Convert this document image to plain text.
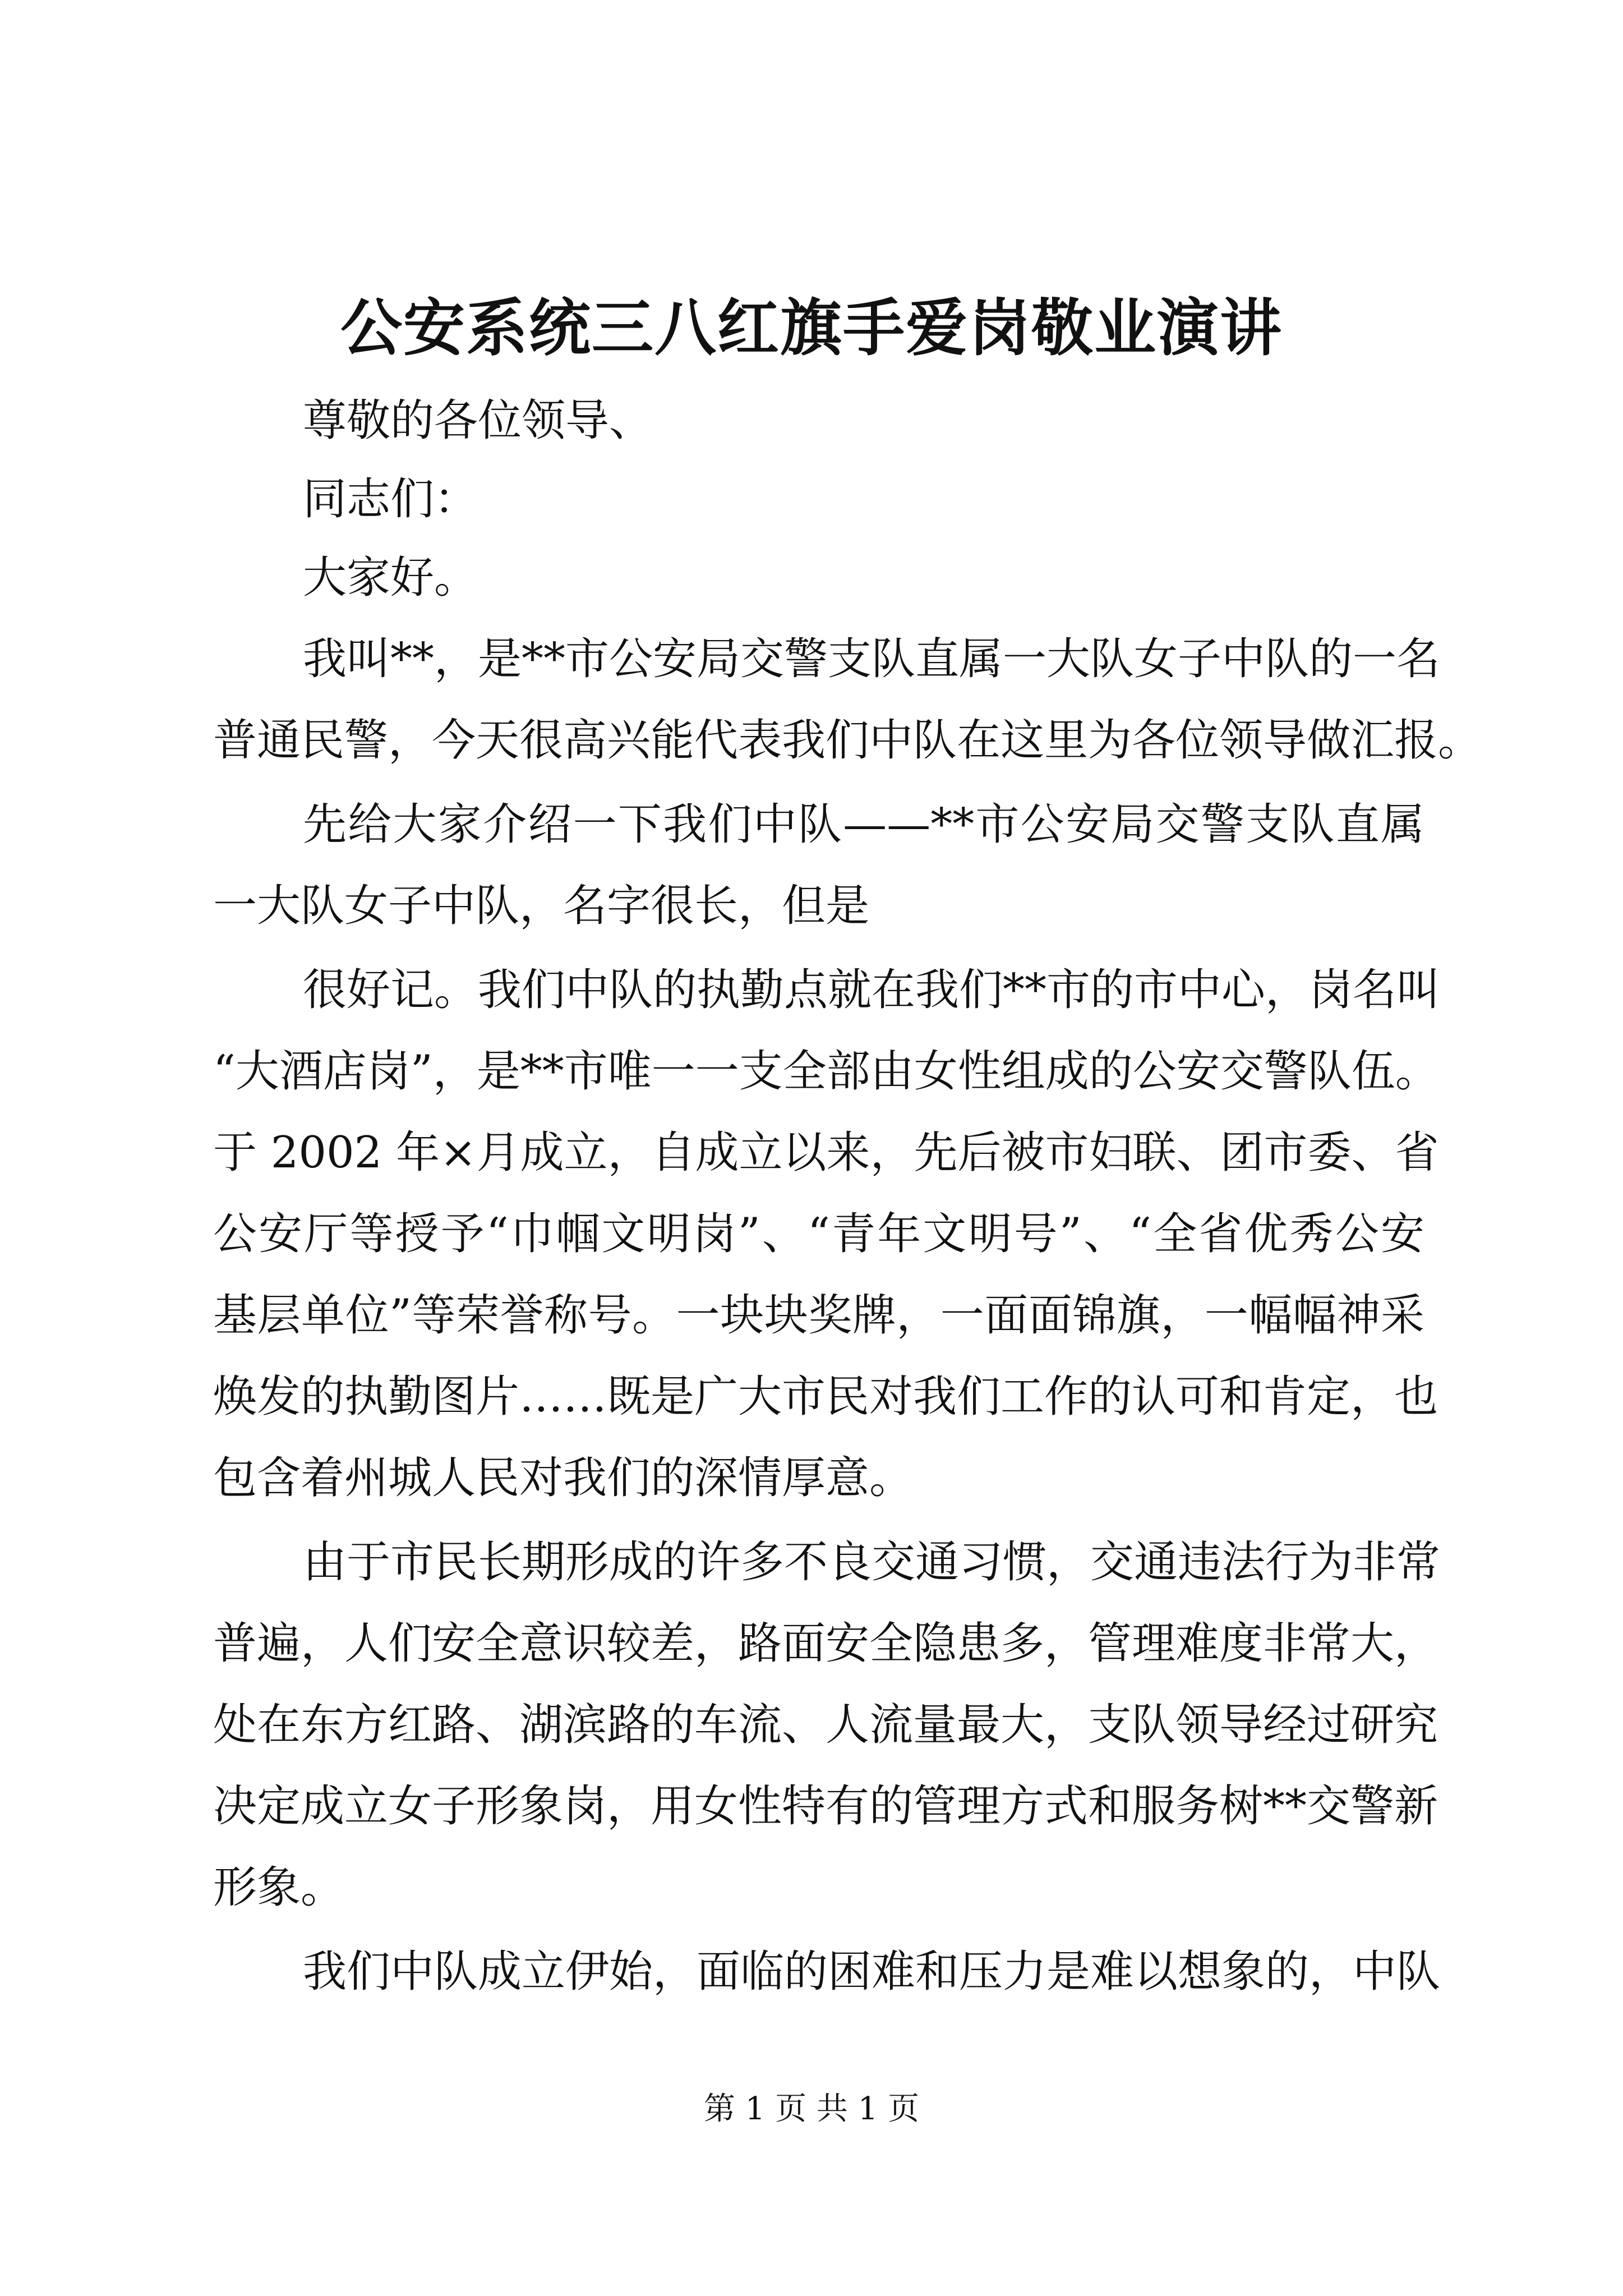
公安系统三八红旗手爱岗敬业演讲

尊敬的各位领导、

同志们：

大家好。

我叫**，是**市公安局交警支队直属一大队女子中队的一名

普通民警，今天很高兴能代表我们中队在这里为各位领导做汇报。

先给大家介绍一下我们中队——**市公安局交警支队直属

一大队女子中队，名字很长，但是

很好记。我们中队的执勤点就在我们**市的市中心，岗名叫

“大酒店岗”，是**市唯一一支全部由女性组成的公安交警队伍。

于 2002 年×月成立，自成立以来，先后被市妇联、团市委、省

公安厅等授予“巾帼文明岗”、“青年文明号”、“全省优秀公安

基层单位”等荣誉称号。一块块奖牌，一面面锦旗，一幅幅神采

焕发的执勤图片……既是广大市民对我们工作的认可和肯定，也

包含着州城人民对我们的深情厚意。

由于市民长期形成的许多不良交通习惯，交通违法行为非常

普遍，人们安全意识较差，路面安全隐患多，管理难度非常大，

处在东方红路、湖滨路的车流、人流量最大，支队领导经过研究

决定成立女子形象岗，用女性特有的管理方式和服务树**交警新

形象。

我们中队成立伊始，面临的困难和压力是难以想象的，中队

第 1 页 共 1 页
